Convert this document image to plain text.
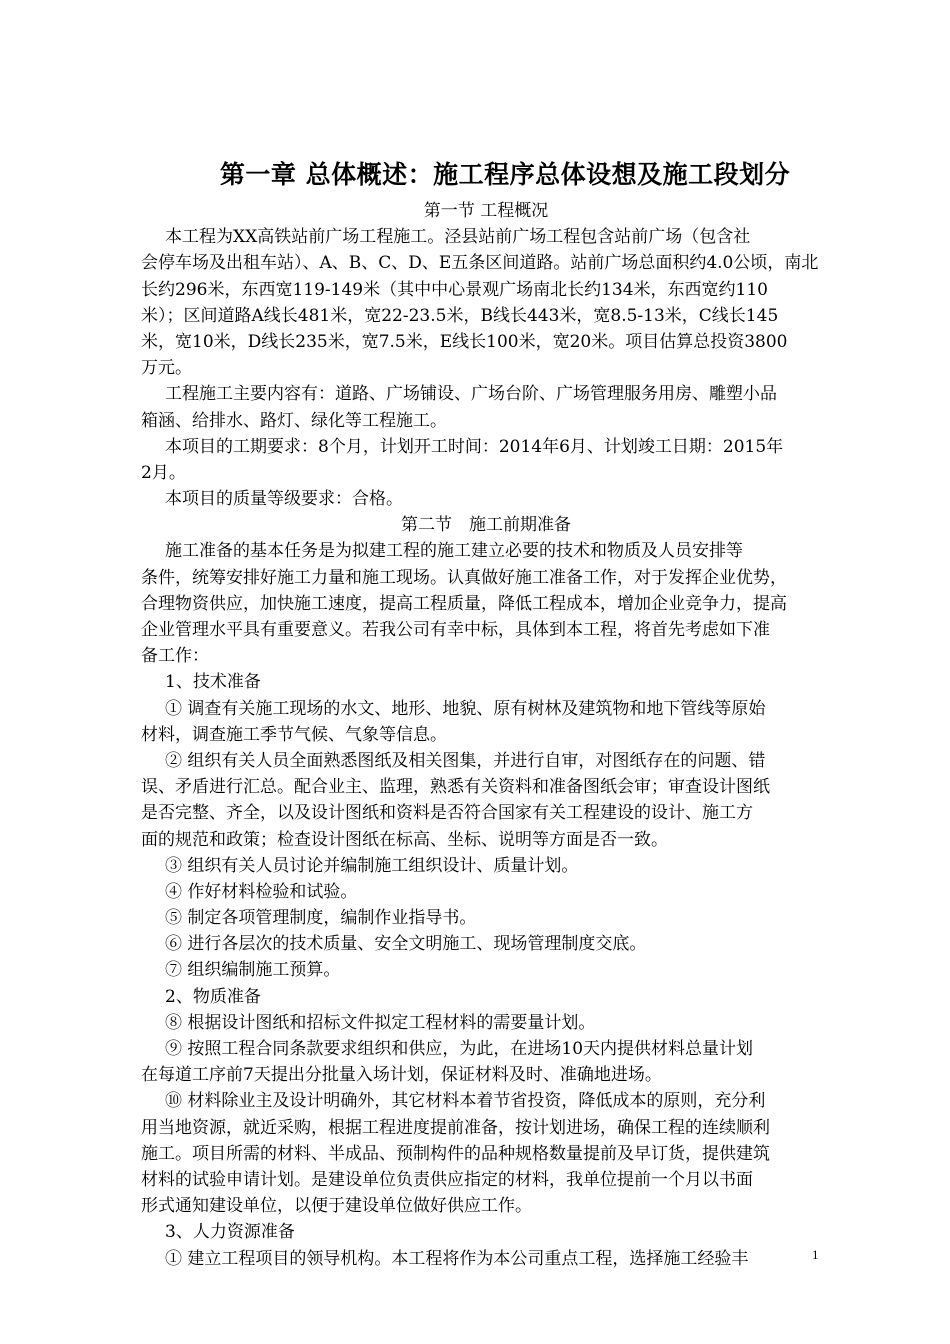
第一章 总体概述：施工程序总体设想及施工段划分
第一节 工程概况
本工程为XX高铁站前广场工程施工。泾县站前广场工程包含站前广场（包含社
会停车场及出租车站）、A、B、C、D、E五条区间道路。站前广场总面积约4.0公顷，南北
长约296米，东西宽119-149米（其中中心景观广场南北长约134米，东西宽约110
米）；区间道路A线长481米，宽22-23.5米，B线长443米，宽8.5-13米，C线长145
米，宽10米，D线长235米，宽7.5米，E线长100米，宽20米。项目估算总投资3800
万元。
工程施工主要内容有：道路、广场铺设、广场台阶、广场管理服务用房、雕塑小品
箱涵、给排水、路灯、绿化等工程施工。
本项目的工期要求：8个月，计划开工时间：2014年6月、计划竣工日期：2015年
2月。
本项目的质量等级要求：合格。
第二节　施工前期准备
施工准备的基本任务是为拟建工程的施工建立必要的技术和物质及人员安排等
条件，统筹安排好施工力量和施工现场。认真做好施工准备工作，对于发挥企业优势，
合理物资供应，加快施工速度，提高工程质量，降低工程成本，增加企业竞争力，提高
企业管理水平具有重要意义。若我公司有幸中标，具体到本工程，将首先考虑如下准
备工作：
1、技术准备
① 调查有关施工现场的水文、地形、地貌、原有树林及建筑物和地下管线等原始
材料，调查施工季节气候、气象等信息。
② 组织有关人员全面熟悉图纸及相关图集，并进行自审，对图纸存在的问题、错
误、矛盾进行汇总。配合业主、监理，熟悉有关资料和准备图纸会审；审查设计图纸
是否完整、齐全，以及设计图纸和资料是否符合国家有关工程建设的设计、施工方
面的规范和政策；检查设计图纸在标高、坐标、说明等方面是否一致。
③ 组织有关人员讨论并编制施工组织设计、质量计划。
④ 作好材料检验和试验。
⑤ 制定各项管理制度，编制作业指导书。
⑥ 进行各层次的技术质量、安全文明施工、现场管理制度交底。
⑦ 组织编制施工预算。
2、物质准备
⑧ 根据设计图纸和招标文件拟定工程材料的需要量计划。
⑨ 按照工程合同条款要求组织和供应，为此，在进场10天内提供材料总量计划
在每道工序前7天提出分批量入场计划，保证材料及时、准确地进场。
⑩ 材料除业主及设计明确外，其它材料本着节省投资，降低成本的原则，充分利
用当地资源，就近采购，根据工程进度提前准备，按计划进场，确保工程的连续顺利
施工。项目所需的材料、半成品、预制构件的品种规格数量提前及早订货，提供建筑
材料的试验申请计划。是建设单位负责供应指定的材料，我单位提前一个月以书面
形式通知建设单位，以便于建设单位做好供应工作。
3、人力资源准备
① 建立工程项目的领导机构。本工程将作为本公司重点工程，选择施工经验丰	1
